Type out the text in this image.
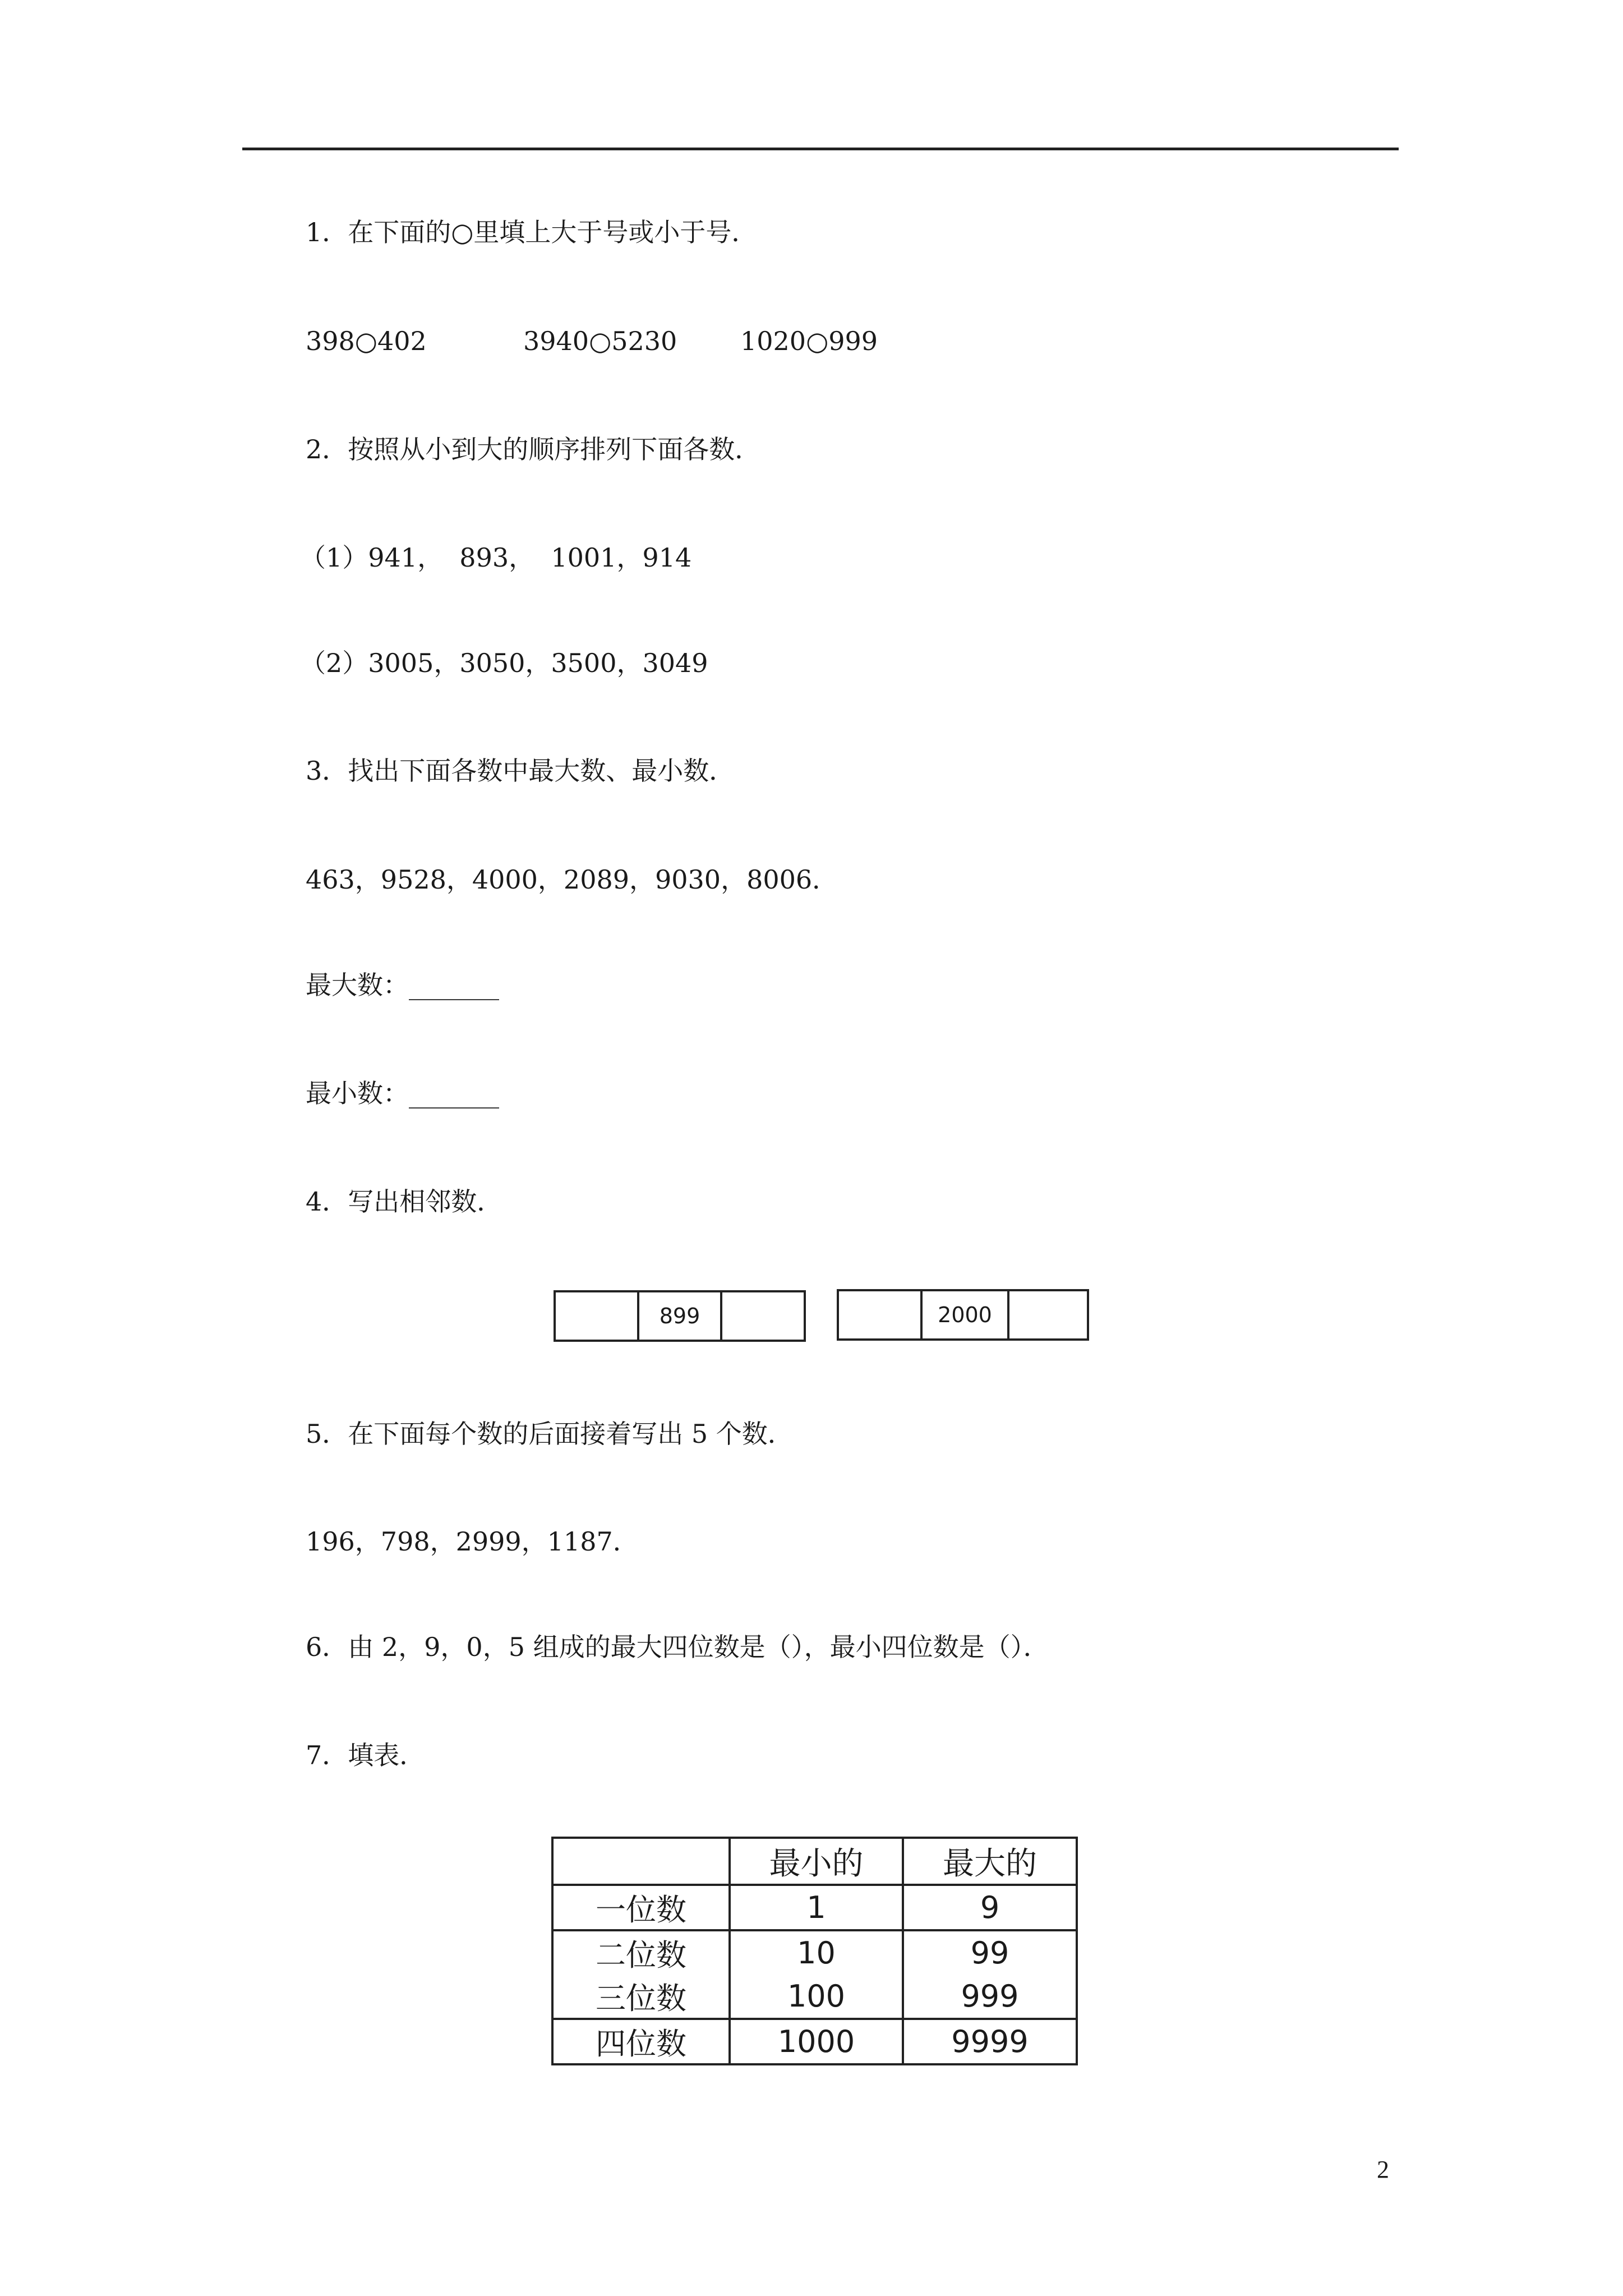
1．在下面的○里填上大于号或小于号．
398○402	3940○5230 1020○999
2．按照从小到大的顺序排列下面各数．
（1）941，  893，  1001，914
（2）3005，3050，3500，3049
3．找出下面各数中最大数、最小数．
463，9528，4000，2089，9030，8006．
最大数：_______
最小数：_______
4．写出相邻数．
899	2000
5．在下面每个数的后面接着写出 5 个数．
196，798，2999，1187．
6．由 2，9，0，5 组成的最大四位数是（），最小四位数是（）．
7．填表．
	最小的	最大的
一位数	1	9
二位数	10	99
三位数	100	999
四位数	1000	9999
2
